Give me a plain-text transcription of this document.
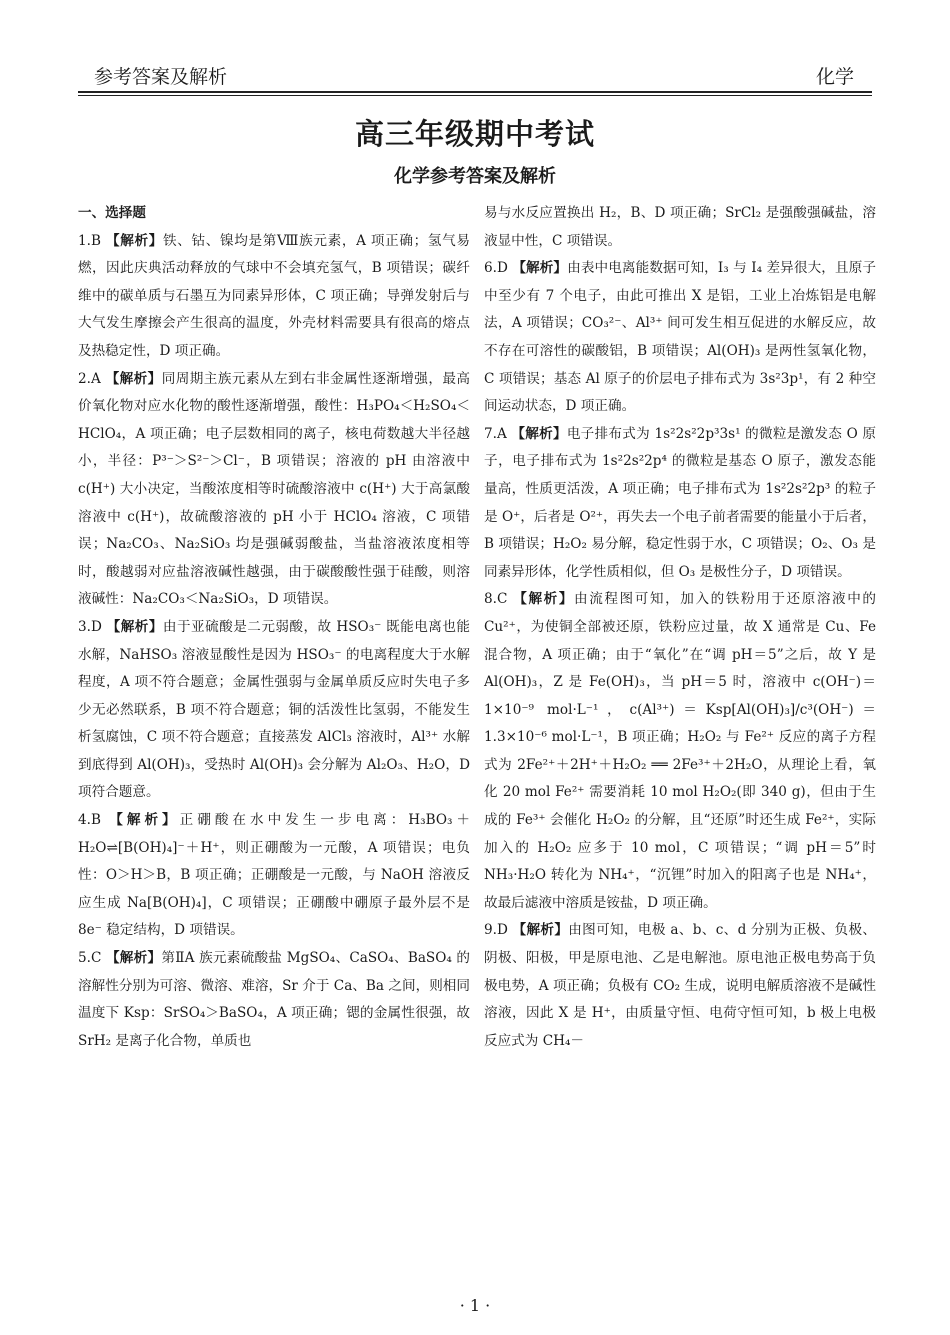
参考答案及解析	化学
高三年级期中考试
化学参考答案及解析
一、选择题

1.B 【解析】铁、钴、镍均是第Ⅷ族元素，A 项正确；氢气易燃，因此庆典活动释放的气球中不会填充氢气，B 项错误；碳纤维中的碳单质与石墨互为同素异形体，C 项正确；导弹发射后与大气发生摩擦会产生很高的温度，外壳材料需要具有很高的熔点及热稳定性，D 项正确。

2.A 【解析】同周期主族元素从左到右非金属性逐渐增强，最高价氧化物对应水化物的酸性逐渐增强，酸性：H₃PO₄＜H₂SO₄＜HClO₄，A 项正确；电子层数相同的离子，核电荷数越大半径越小，半径：P³⁻＞S²⁻＞Cl⁻，B 项错误；溶液的 pH 由溶液中 c(H⁺) 大小决定，当酸浓度相等时硫酸溶液中 c(H⁺) 大于高氯酸溶液中 c(H⁺)，故硫酸溶液的 pH 小于 HClO₄ 溶液，C 项错误；Na₂CO₃、Na₂SiO₃ 均是强碱弱酸盐，当盐溶液浓度相等时，酸越弱对应盐溶液碱性越强，由于碳酸酸性强于硅酸，则溶液碱性：Na₂CO₃＜Na₂SiO₃，D 项错误。

3.D 【解析】由于亚硫酸是二元弱酸，故 HSO₃⁻ 既能电离也能水解，NaHSO₃ 溶液显酸性是因为 HSO₃⁻ 的电离程度大于水解程度，A 项不符合题意；金属性强弱与金属单质反应时失电子多少无必然联系，B 项不符合题意；铜的活泼性比氢弱，不能发生析氢腐蚀，C 项不符合题意；直接蒸发 AlCl₃ 溶液时，Al³⁺ 水解到底得到 Al(OH)₃，受热时 Al(OH)₃ 会分解为 Al₂O₃、H₂O，D 项符合题意。

4.B 【解析】正硼酸在水中发生一步电离：H₃BO₃＋H₂O⇌[B(OH)₄]⁻＋H⁺，则正硼酸为一元酸，A 项错误；电负性：O＞H＞B，B 项正确；正硼酸是一元酸，与 NaOH 溶液反应生成 Na[B(OH)₄]，C 项错误；正硼酸中硼原子最外层不是 8e⁻ 稳定结构，D 项错误。

5.C 【解析】第ⅡA 族元素硫酸盐 MgSO₄、CaSO₄、BaSO₄ 的溶解性分别为可溶、微溶、难溶，Sr 介于 Ca、Ba 之间，则相同温度下 Ksp：SrSO₄＞BaSO₄，A 项正确；锶的金属性很强，故 SrH₂ 是离子化合物，单质也

易与水反应置换出 H₂，B、D 项正确；SrCl₂ 是强酸强碱盐，溶液显中性，C 项错误。

6.D 【解析】由表中电离能数据可知，I₃ 与 I₄ 差异很大，且原子中至少有 7 个电子，由此可推出 X 是铝，工业上冶炼铝是电解法，A 项错误；CO₃²⁻、Al³⁺ 间可发生相互促进的水解反应，故不存在可溶性的碳酸铝，B 项错误；Al(OH)₃ 是两性氢氧化物，C 项错误；基态 Al 原子的价层电子排布式为 3s²3p¹，有 2 种空间运动状态，D 项正确。

7.A 【解析】电子排布式为 1s²2s²2p³3s¹ 的微粒是激发态 O 原子，电子排布式为 1s²2s²2p⁴ 的微粒是基态 O 原子，激发态能量高，性质更活泼，A 项正确；电子排布式为 1s²2s²2p³ 的粒子是 O⁺，后者是 O²⁺，再失去一个电子前者需要的能量小于后者，B 项错误；H₂O₂ 易分解，稳定性弱于水，C 项错误；O₂、O₃ 是同素异形体，化学性质相似，但 O₃ 是极性分子，D 项错误。

8.C 【解析】由流程图可知，加入的铁粉用于还原溶液中的 Cu²⁺，为使铜全部被还原，铁粉应过量，故 X 通常是 Cu、Fe 混合物，A 项正确；由于“氧化”在“调 pH＝5”之后，故 Y 是 Al(OH)₃，Z 是 Fe(OH)₃，当 pH＝5 时，溶液中 c(OH⁻)＝1×10⁻⁹ mol·L⁻¹，c(Al³⁺)＝Ksp[Al(OH)₃]/c³(OH⁻)＝1.3×10⁻⁶ mol·L⁻¹，B 项正确；H₂O₂ 与 Fe²⁺ 反应的离子方程式为 2Fe²⁺＋2H⁺＋H₂O₂ ══ 2Fe³⁺＋2H₂O，从理论上看，氧化 20 mol Fe²⁺ 需要消耗 10 mol H₂O₂(即 340 g)，但由于生成的 Fe³⁺ 会催化 H₂O₂ 的分解，且“还原”时还生成 Fe²⁺，实际加入的 H₂O₂ 应多于 10 mol，C 项错误；“调 pH＝5”时 NH₃·H₂O 转化为 NH₄⁺，“沉锂”时加入的阳离子也是 NH₄⁺，故最后滤液中溶质是铵盐，D 项正确。

9.D 【解析】由图可知，电极 a、b、c、d 分别为正极、负极、阴极、阳极，甲是原电池、乙是电解池。原电池正极电势高于负极电势，A 项正确；负极有 CO₂ 生成，说明电解质溶液不是碱性溶液，因此 X 是 H⁺，由质量守恒、电荷守恒可知，b 极上电极反应式为 CH₄－

· 1 ·
